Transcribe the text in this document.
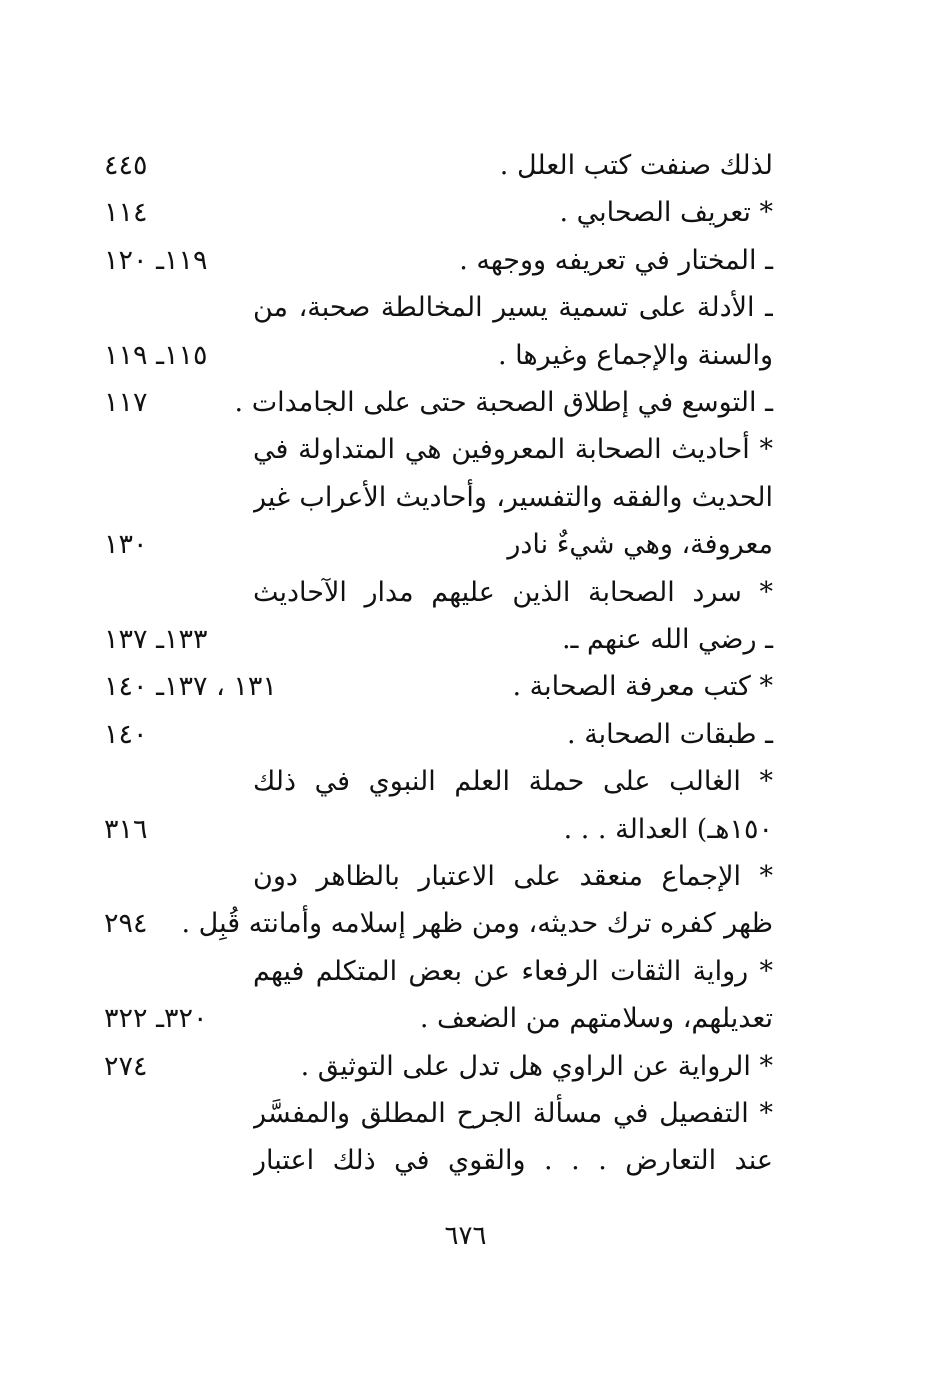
لذلك صنفت كتب العلل .
٤٤٥
* تعريف الصحابي .
١١٤
ـ المختار في تعريفه ووجهه .
١١٩ـ ١٢٠
ـ الأدلة على تسمية يسير المخالطة صحبة، من
والسنة والإجماع وغيرها .
١١٥ـ ١١٩
ـ التوسع في إطلاق الصحبة حتى على الجامدات .
١١٧
* أحاديث الصحابة المعروفين هي المتداولة في
الحديث والفقه والتفسير، وأحاديث الأعراب غير
معروفة، وهي شيءٌ نادر
١٣٠
* سرد الصحابة الذين عليهم مدار الآحاديث
ـ رضي الله عنهم ـ.
١٣٣ـ ١٣٧
* كتب معرفة الصحابة .
١٣١ ، ١٣٧ـ ١٤٠
ـ طبقات الصحابة .
١٤٠
* الغالب على حملة العلم النبوي في ذلك
١٥٠هـ) العدالة . . .
٣١٦
* الإجماع منعقد على الاعتبار بالظاهر دون
ظهر كفره ترك حديثه، ومن ظهر إسلامه وأمانته قُبِل .
٢٩٤
* رواية الثقات الرفعاء عن بعض المتكلم فيهم
تعديلهم، وسلامتهم من الضعف .
٣٢٠ـ ٣٢٢
* الرواية عن الراوي هل تدل على التوثيق .
٢٧٤
* التفصيل في مسألة الجرح المطلق والمفسَّر
عند التعارض . . . والقوي في ذلك اعتبار
٦٧٦
